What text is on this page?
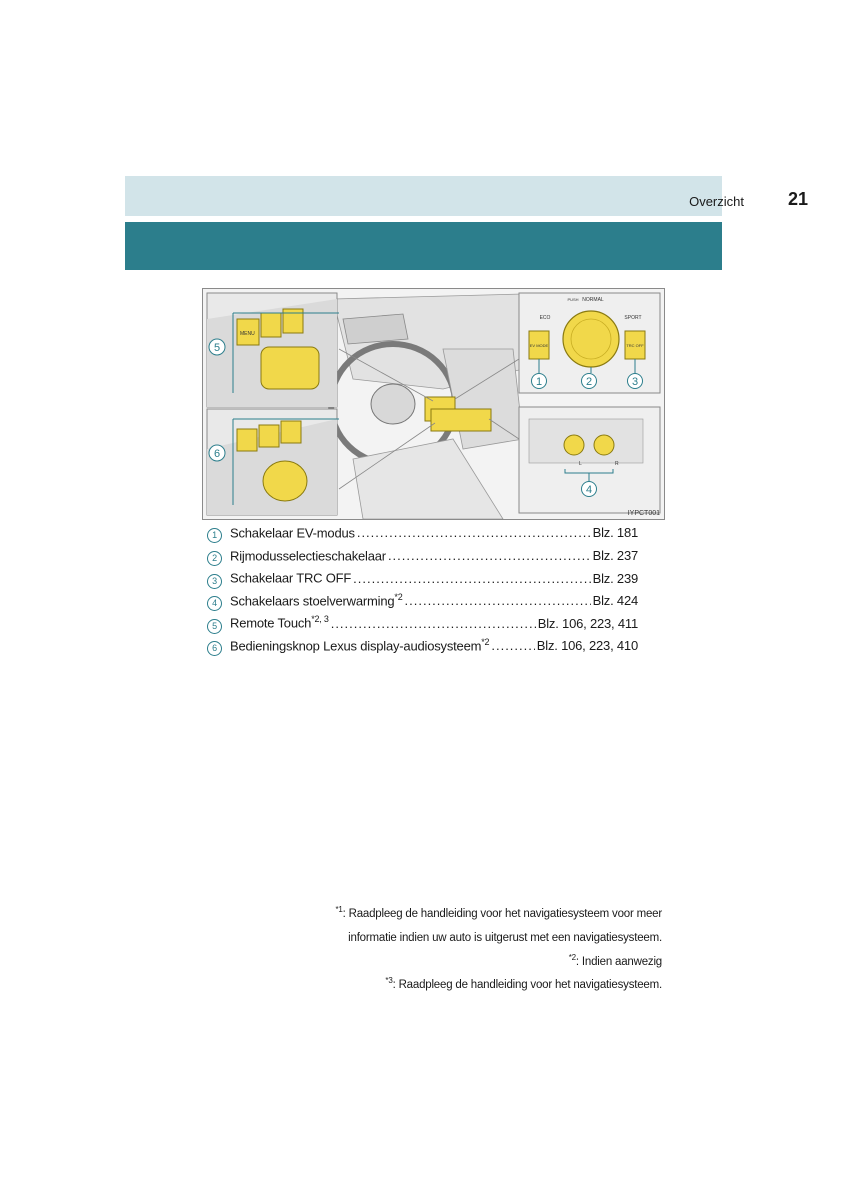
Overzicht 21
MENU
5
6
EV MODE
ECO
NORMAL
PUSH
SPORT
TRC OFF
1	2	3
L	R
4
IYPCT001
1	Schakelaar EV-modus .....	Blz. 181
2	Rijmodusselectieschakelaar .....	Blz. 237
3	Schakelaar TRC OFF .....	Blz. 239
4	Schakelaars stoelverwarming$^{*2}$ .....	Blz. 424
5	Remote Touch$^{*2, 3}$ .....	Blz. 106, 223, 411
6	Bedieningsknop Lexus display-audiosysteem$^{*2}$ .....	Blz. 106, 223, 410
$^{*1}$: Raadpleeg de handleiding voor het navigatiesysteem voor meer
informatie indien uw auto is uitgerust met een navigatiesysteem.
$^{*2}$: Indien aanwezig
$^{*3}$: Raadpleeg de handleiding voor het navigatiesysteem.
